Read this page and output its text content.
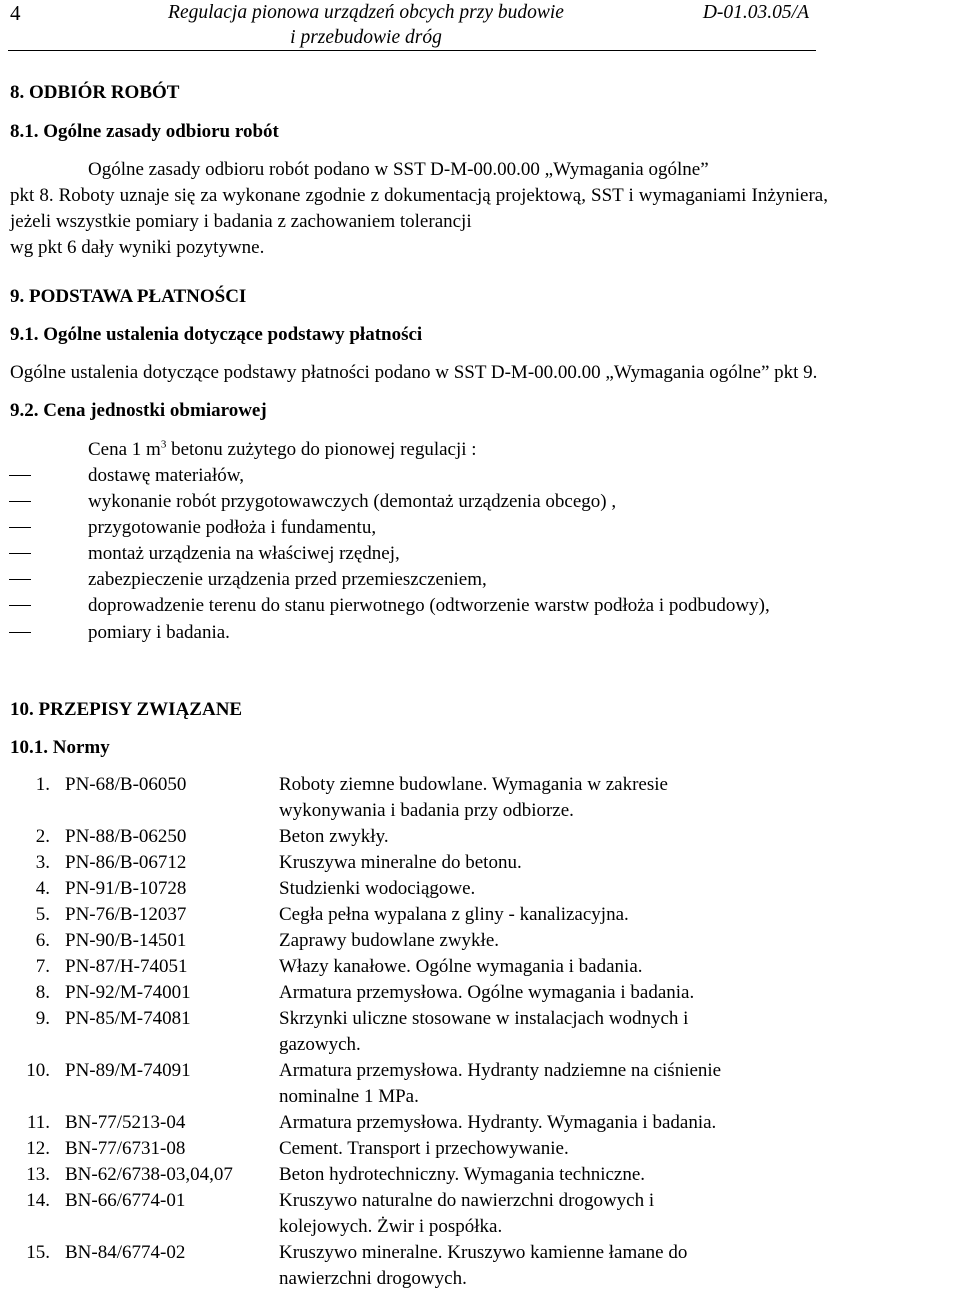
4	Regulacja pionowa urządzeń obcych przy budowie
i przebudowie dróg
D-01.03.05/A
8. ODBIÓR ROBÓT
8.1. Ogólne zasady odbioru robót
Ogólne zasady odbioru robót podano w SST D-M-00.00.00 „Wymagania ogólne”
pkt 8. Roboty uznaje się za wykonane zgodnie z dokumentacją projektową, SST i wymaganiami Inżyniera,
jeżeli wszystkie pomiary i badania z zachowaniem tolerancji
wg pkt 6 dały wyniki pozytywne.
9. PODSTAWA PŁATNOŚCI
9.1. Ogólne ustalenia dotyczące podstawy płatności
Ogólne ustalenia dotyczące podstawy płatności podano w SST D-M-00.00.00 „Wymagania ogólne” pkt 9.
9.2. Cena jednostki obmiarowej
Cena 1 $m^3$ betonu zużytego do pionowej regulacji :
dostawę materiałów,
wykonanie robót przygotowawczych (demontaż urządzenia obcego) ,
przygotowanie podłoża i fundamentu,
montaż urządzenia na właściwej rzędnej,
zabezpieczenie urządzenia przed przemieszczeniem,
doprowadzenie terenu do stanu pierwotnego (odtworzenie warstw podłoża i podbudowy),
pomiary i badania.
10. PRZEPISY ZWIĄZANE
10.1. Normy
1. PN-68/B-06050	Roboty ziemne budowlane. Wymagania w zakresie wykonywania i badania przy odbiorze.
2. PN-88/B-06250	Beton zwykły.
3. PN-86/B-06712	Kruszywa mineralne do betonu.
4. PN-91/B-10728	Studzienki wodociągowe.
5. PN-76/B-12037	Cegła pełna wypalana z gliny - kanalizacyjna.
6. PN-90/B-14501	Zaprawy budowlane zwykłe.
7. PN-87/H-74051	Włazy kanałowe. Ogólne wymagania i badania.
8. PN-92/M-74001	Armatura przemysłowa. Ogólne wymagania i badania.
9. PN-85/M-74081	Skrzynki uliczne stosowane w instalacjach wodnych i gazowych.
10. PN-89/M-74091	Armatura przemysłowa. Hydranty nadziemne na ciśnienie nominalne 1 MPa.
11. BN-77/5213-04	Armatura przemysłowa. Hydranty. Wymagania i badania.
12. BN-77/6731-08	Cement. Transport i przechowywanie.
13. BN-62/6738-03,04,07 Beton hydrotechniczny. Wymagania techniczne.
14. BN-66/6774-01	Kruszywo naturalne do nawierzchni drogowych i kolejowych. Żwir i pospółka.
15. BN-84/6774-02	Kruszywo mineralne. Kruszywo kamienne łamane do nawierzchni drogowych.
